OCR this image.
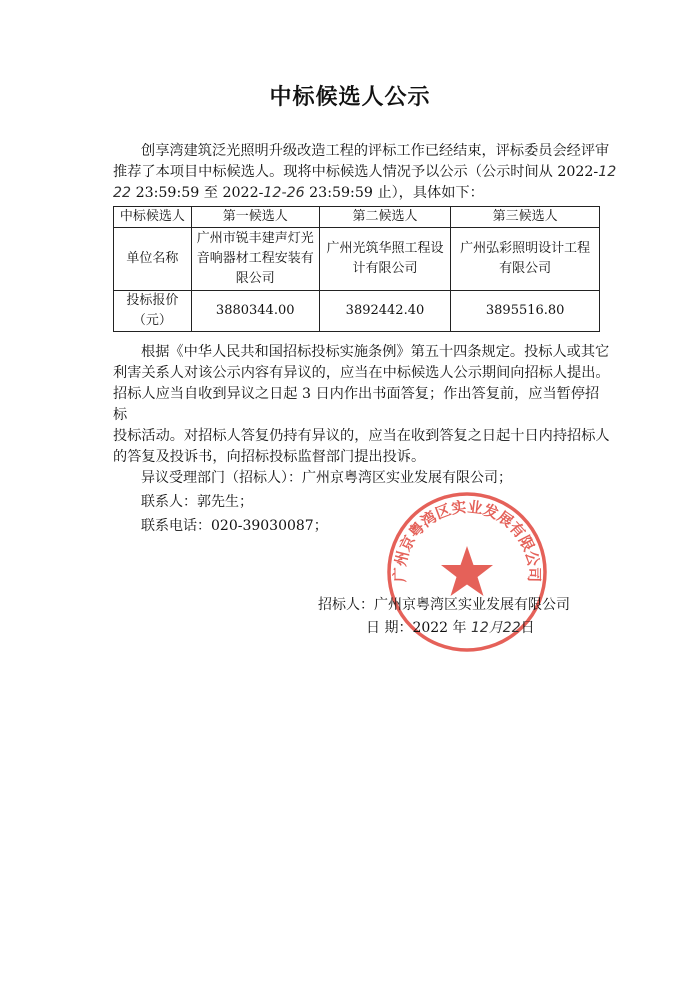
中标候选人公示
创享湾建筑泛光照明升级改造工程的评标工作已经结束，评标委员会经评审
推荐了本项目中标候选人。现将中标候选人情况予以公示（公示时间从 2022-12
22 23:59:59 至 2022-12-26 23:59:59 止），具体如下：
中标候选人	第一候选人	第二候选人	第三候选人
单位名称	广州市锐丰建声灯光音响器材工程安装有限公司	广州光筑华照工程设计有限公司	广州弘彩照明设计工程有限公司

投标报价
（元）	3880344.00	3892442.40	3895516.80
根据《中华人民共和国招标投标实施条例》第五十四条规定。投标人或其它
利害关系人对该公示内容有异议的，应当在中标候选人公示期间向招标人提出。
招标人应当自收到异议之日起 3 日内作出书面答复；作出答复前，应当暂停招标
投标活动。对招标人答复仍持有异议的，应当在收到答复之日起十日内持招标人
的答复及投诉书，向招标投标监督部门提出投诉。
异议受理部门（招标人）：广州京粤湾区实业发展有限公司；
联系人：郭先生；
联系电话：020-39030087；
广州京粤湾区实业发展有限公司
招标人：广州京粤湾区实业发展有限公司
日 期：2022 年 12月22日
